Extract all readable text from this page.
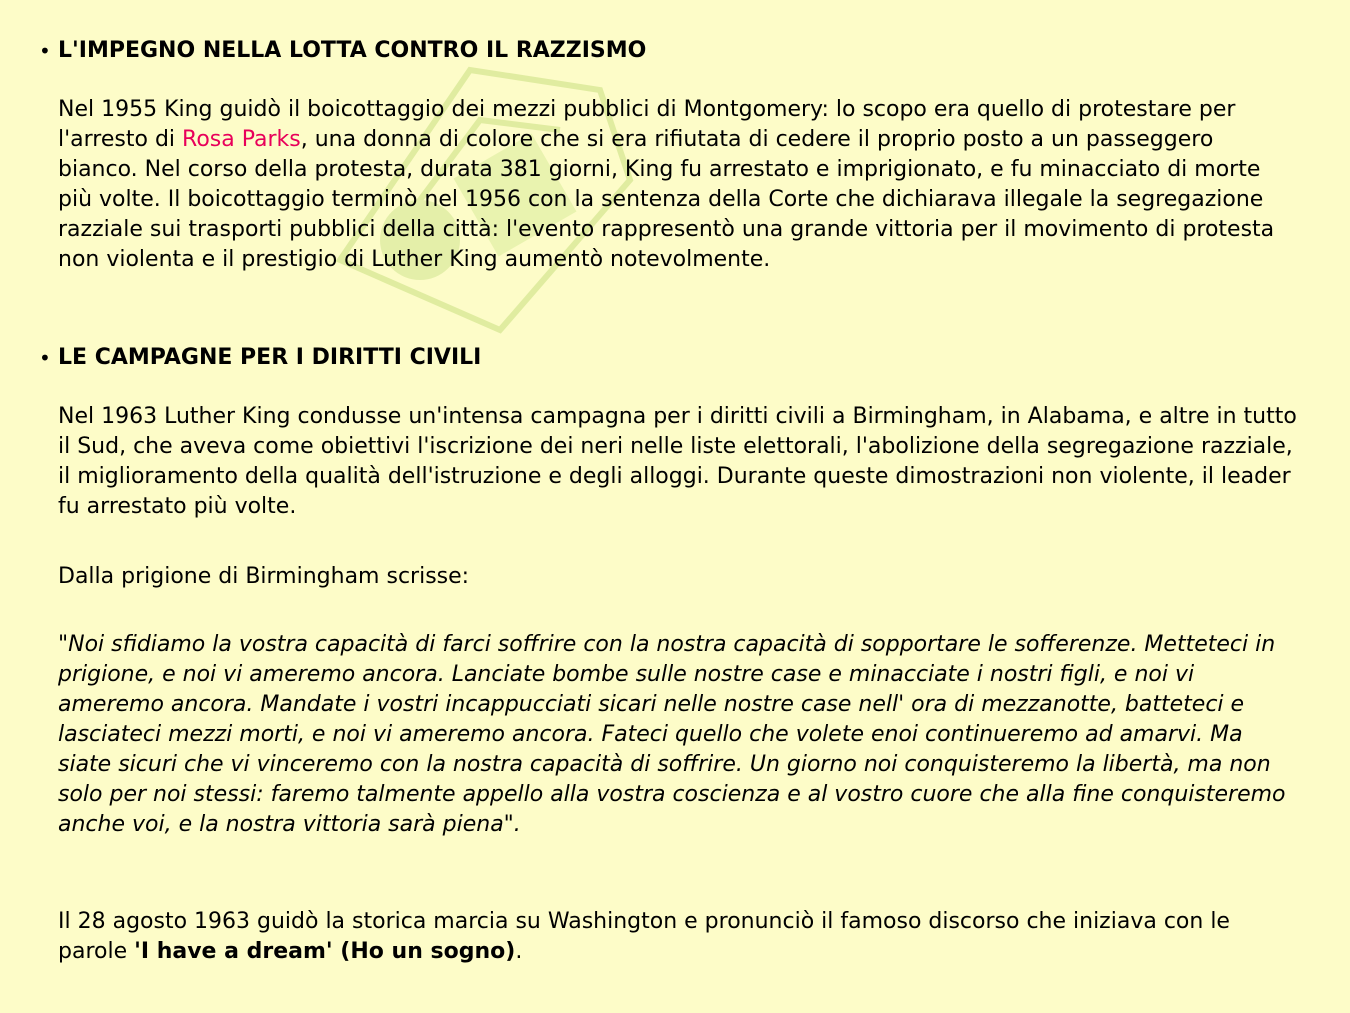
• L'IMPEGNO NELLA LOTTA CONTRO IL RAZZISMO

Nel 1955 King guidò il boicottaggio dei mezzi pubblici di Montgomery: lo scopo era quello di protestare per l'arresto di Rosa Parks, una donna di colore che si era rifiutata di cedere il proprio posto a un passeggero bianco. Nel corso della protesta, durata 381 giorni, King fu arrestato e imprigionato, e fu minacciato di morte più volte. Il boicottaggio terminò nel 1956 con la sentenza della Corte che dichiarava illegale la segregazione razziale sui trasporti pubblici della città: l'evento rappresentò una grande vittoria per il movimento di protesta non violenta e il prestigio di Luther King aumentò notevolmente.

• LE CAMPAGNE PER I DIRITTI CIVILI

Nel 1963 Luther King condusse un'intensa campagna per i diritti civili a Birmingham, in Alabama, e altre in tutto il Sud, che aveva come obiettivi l'iscrizione dei neri nelle liste elettorali, l'abolizione della segregazione razziale, il miglioramento della qualità dell'istruzione e degli alloggi. Durante queste dimostrazioni non violente, il leader fu arrestato più volte.

Dalla prigione di Birmingham scrisse:

"Noi sfidiamo la vostra capacità di farci soffrire con la nostra capacità di sopportare le sofferenze. Metteteci in prigione, e noi vi ameremo ancora. Lanciate bombe sulle nostre case e minacciate i nostri figli, e noi vi ameremo ancora. Mandate i vostri incappucciati sicari nelle nostre case nell' ora di mezzanotte, batteteci e lasciateci mezzi morti, e noi vi ameremo ancora. Fateci quello che volete enoi continueremo ad amarvi. Ma siate sicuri che vi vinceremo con la nostra capacità di soffrire. Un giorno noi conquisteremo la libertà, ma non solo per noi stessi: faremo talmente appello alla vostra coscienza e al vostro cuore che alla fine conquisteremo anche voi, e la nostra vittoria sarà piena".

Il 28 agosto 1963 guidò la storica marcia su Washington e pronunciò il famoso discorso che iniziava con le parole 'I have a dream' (Ho un sogno).
